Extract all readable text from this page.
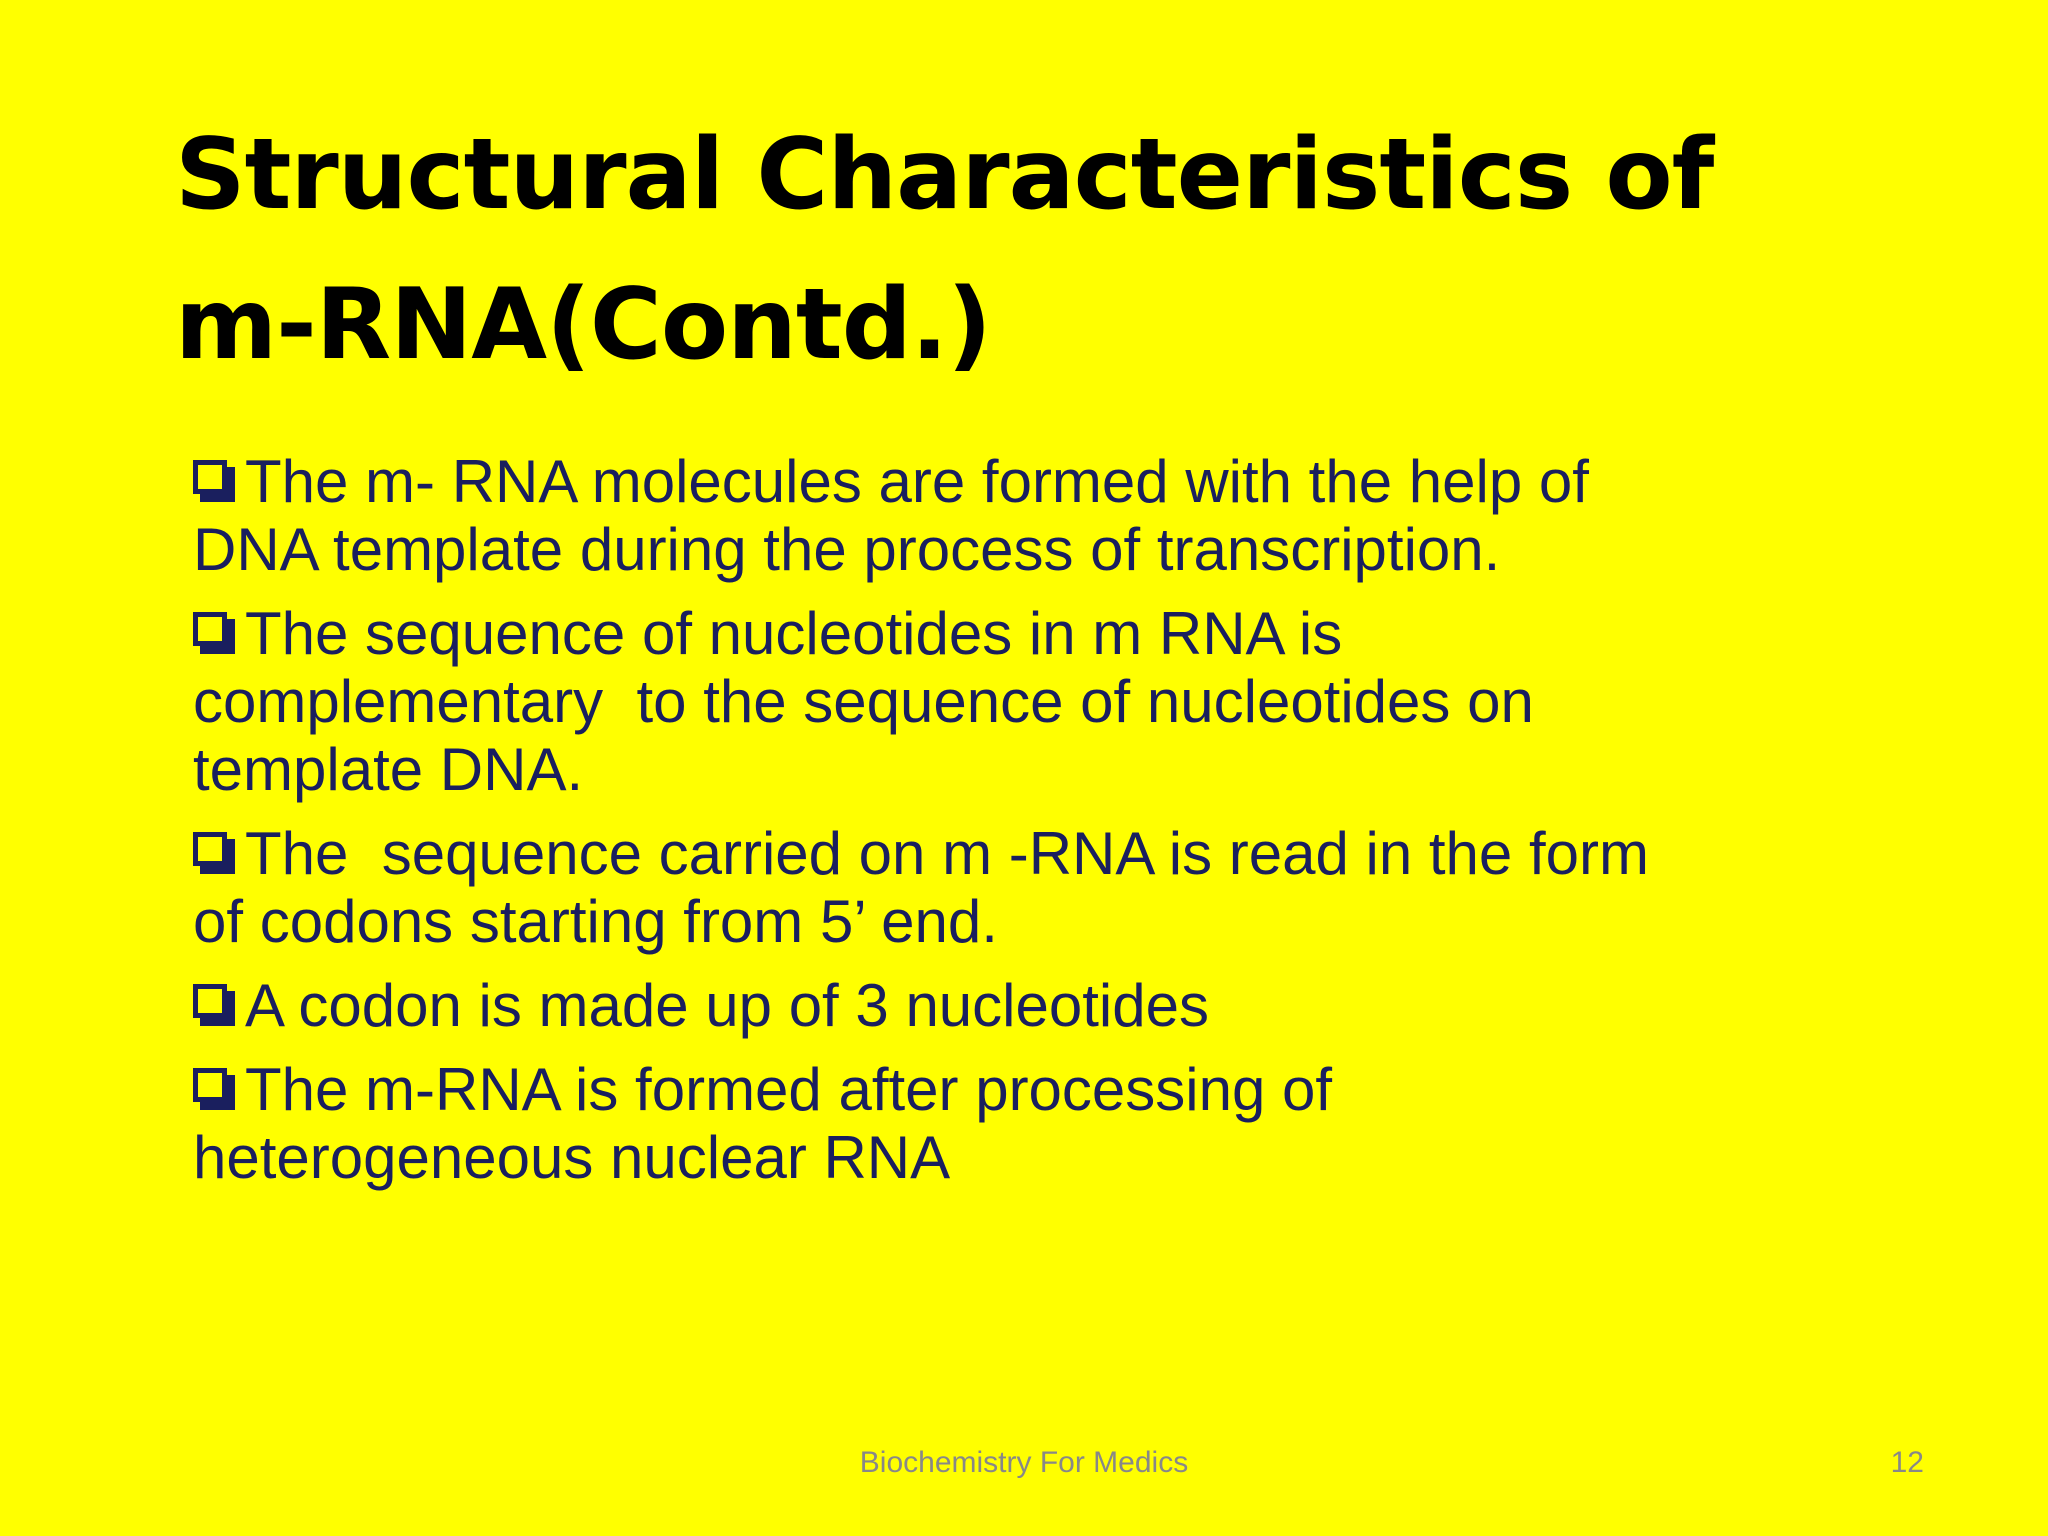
Structural Characteristics of
m-RNA(Contd.)
The m- RNA molecules are formed with the help of
DNA template during the process of transcription.
The sequence of nucleotides in m RNA is
complementary  to the sequence of nucleotides on
template DNA.
The  sequence carried on m -RNA is read in the form
of codons starting from 5’ end.
A codon is made up of 3 nucleotides
The m-RNA is formed after processing of
heterogeneous nuclear RNA
Biochemistry For Medics	12
